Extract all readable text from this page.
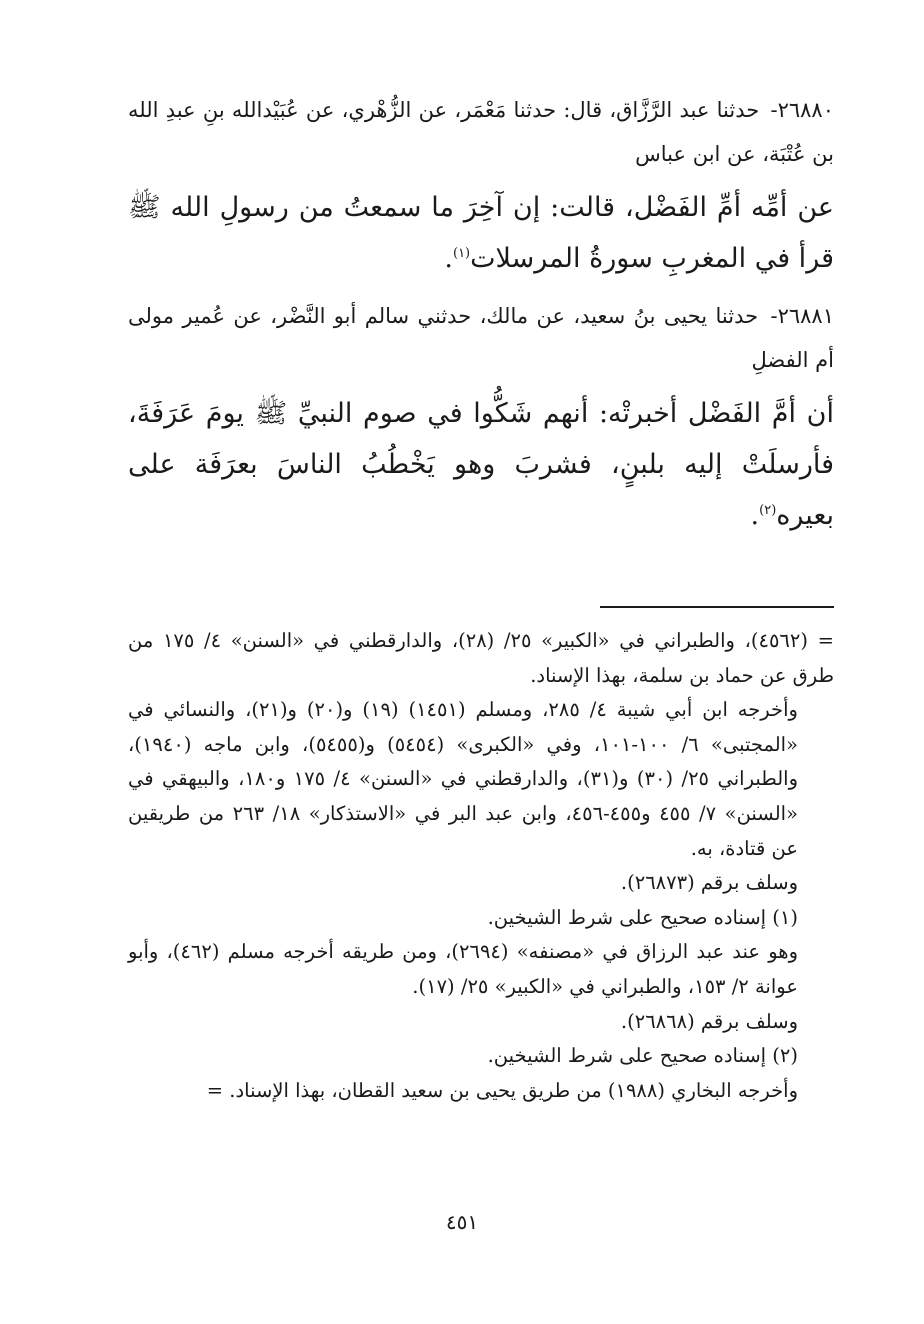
٢٦٨٨٠- حدثنا عبد الرَّزَّاق، قال: حدثنا مَعْمَر، عن الزُّهْري، عن عُبَيْدالله بنِ عبدِ الله بن عُتْبَة، عن ابن عباس

عن أمِّه أمِّ الفَضْل، قالت: إن آخِرَ ما سمعتُ من رسولِ الله ﷺ قرأ في المغربِ سورةُ المرسلات$^{(١)}$.

٢٦٨٨١- حدثنا يحيى بنُ سعيد، عن مالك، حدثني سالم أبو النَّضْر، عن عُمير مولى أم الفضلِ

أن أمَّ الفَضْل أخبرتْه: أنهم شَكُّوا في صوم النبيِّ ﷺ يومَ عَرَفَةَ، فأرسلَتْ إليه بلبنٍ، فشربَ وهو يَخْطُبُ الناسَ بعرَفَة على بعيره$^{(٢)}$.

= (٤٥٦٢)، والطبراني في «الكبير» ٢٥/ (٢٨)، والدارقطني في «السنن» ٤/ ١٧٥ من طرق عن حماد بن سلمة، بهذا الإسناد.

وأخرجه ابن أبي شيبة ٤/ ٢٨٥، ومسلم (١٤٥١) (١٩) و(٢٠) و(٢١)، والنسائي في «المجتبى» ٦/ ١٠٠-١٠١، وفي «الكبرى» (٥٤٥٤) و(٥٤٥٥)، وابن ماجه (١٩٤٠)، والطبراني ٢٥/ (٣٠) و(٣١)، والدارقطني في «السنن» ٤/ ١٧٥ و١٨٠، والبيهقي في «السنن» ٧/ ٤٥٥ و٤٥٥-٤٥٦، وابن عبد البر في «الاستذكار» ١٨/ ٢٦٣ من طريقين عن قتادة، به.

وسلف برقم (٢٦٨٧٣).

(١) إسناده صحيح على شرط الشيخين.

وهو عند عبد الرزاق في «مصنفه» (٢٦٩٤)، ومن طريقه أخرجه مسلم (٤٦٢)، وأبو عوانة ٢/ ١٥٣، والطبراني في «الكبير» ٢٥/ (١٧).

وسلف برقم (٢٦٨٦٨).

(٢) إسناده صحيح على شرط الشيخين.

وأخرجه البخاري (١٩٨٨) من طريق يحيى بن سعيد القطان، بهذا الإسناد. =

٤٥١
